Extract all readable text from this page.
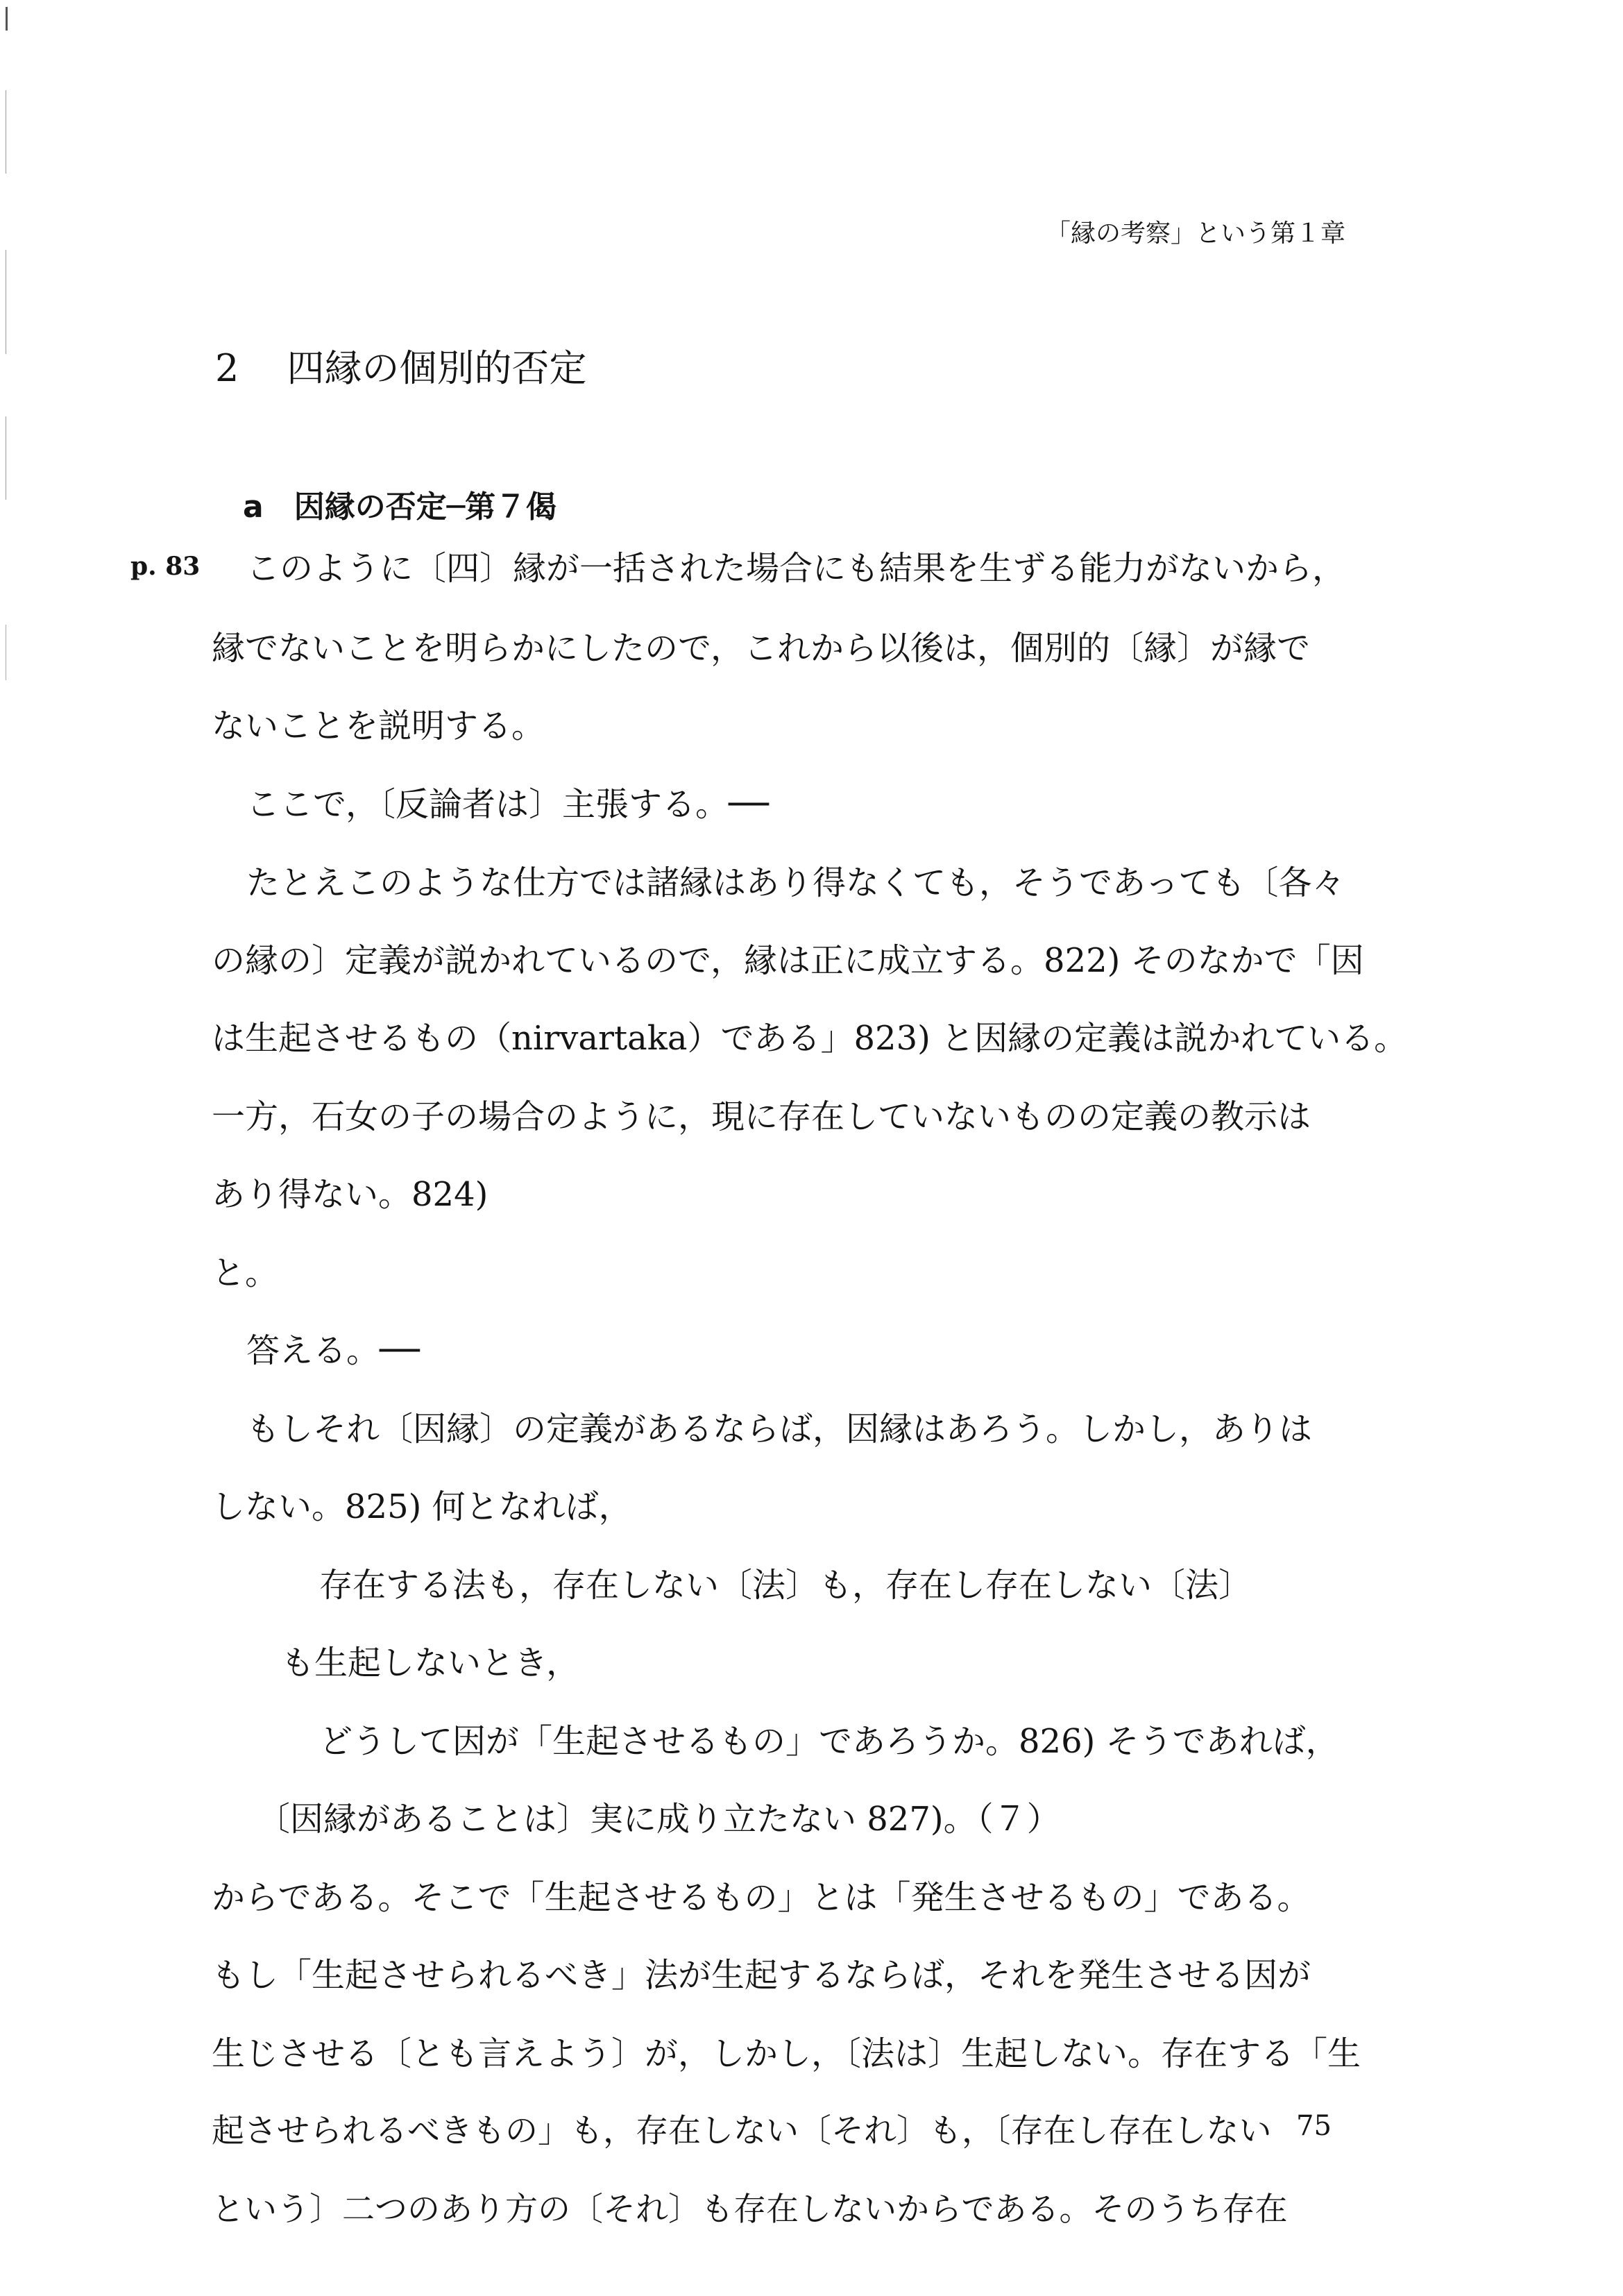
「縁の考察」という第１章
2 四縁の個別的否定
a　因縁の否定─第７偈
p. 83 このように〔四〕縁が一括された場合にも結果を生ずる能力がないから，
縁でないことを明らかにしたので，これから以後は，個別的〔縁〕が縁で
ないことを説明する。
ここで，〔反論者は〕主張する。──
たとえこのような仕方では諸縁はあり得なくても，そうであっても〔各々
の縁の〕定義が説かれているので，縁は正に成立する。822) そのなかで「因
は生起させるもの（nirvartaka）である」823) と因縁の定義は説かれている。
一方，石女の子の場合のように，現に存在していないものの定義の教示は
あり得ない。824)
と。
答える。──
もしそれ〔因縁〕の定義があるならば，因縁はあろう。しかし，ありは
しない。825) 何となれば，
存在する法も，存在しない〔法〕も，存在し存在しない〔法〕
も生起しないとき，
どうして因が「生起させるもの」であろうか。826) そうであれば，
〔因縁があることは〕実に成り立たない 827)。（７）
からである。そこで「生起させるもの」とは「発生させるもの」である。
もし「生起させられるべき」法が生起するならば，それを発生させる因が
生じさせる〔とも言えよう〕が，しかし，〔法は〕生起しない。存在する「生
起させられるべきもの」も，存在しない〔それ〕も，〔存在し存在しない
という〕二つのあり方の〔それ〕も存在しないからである。そのうち存在
75
